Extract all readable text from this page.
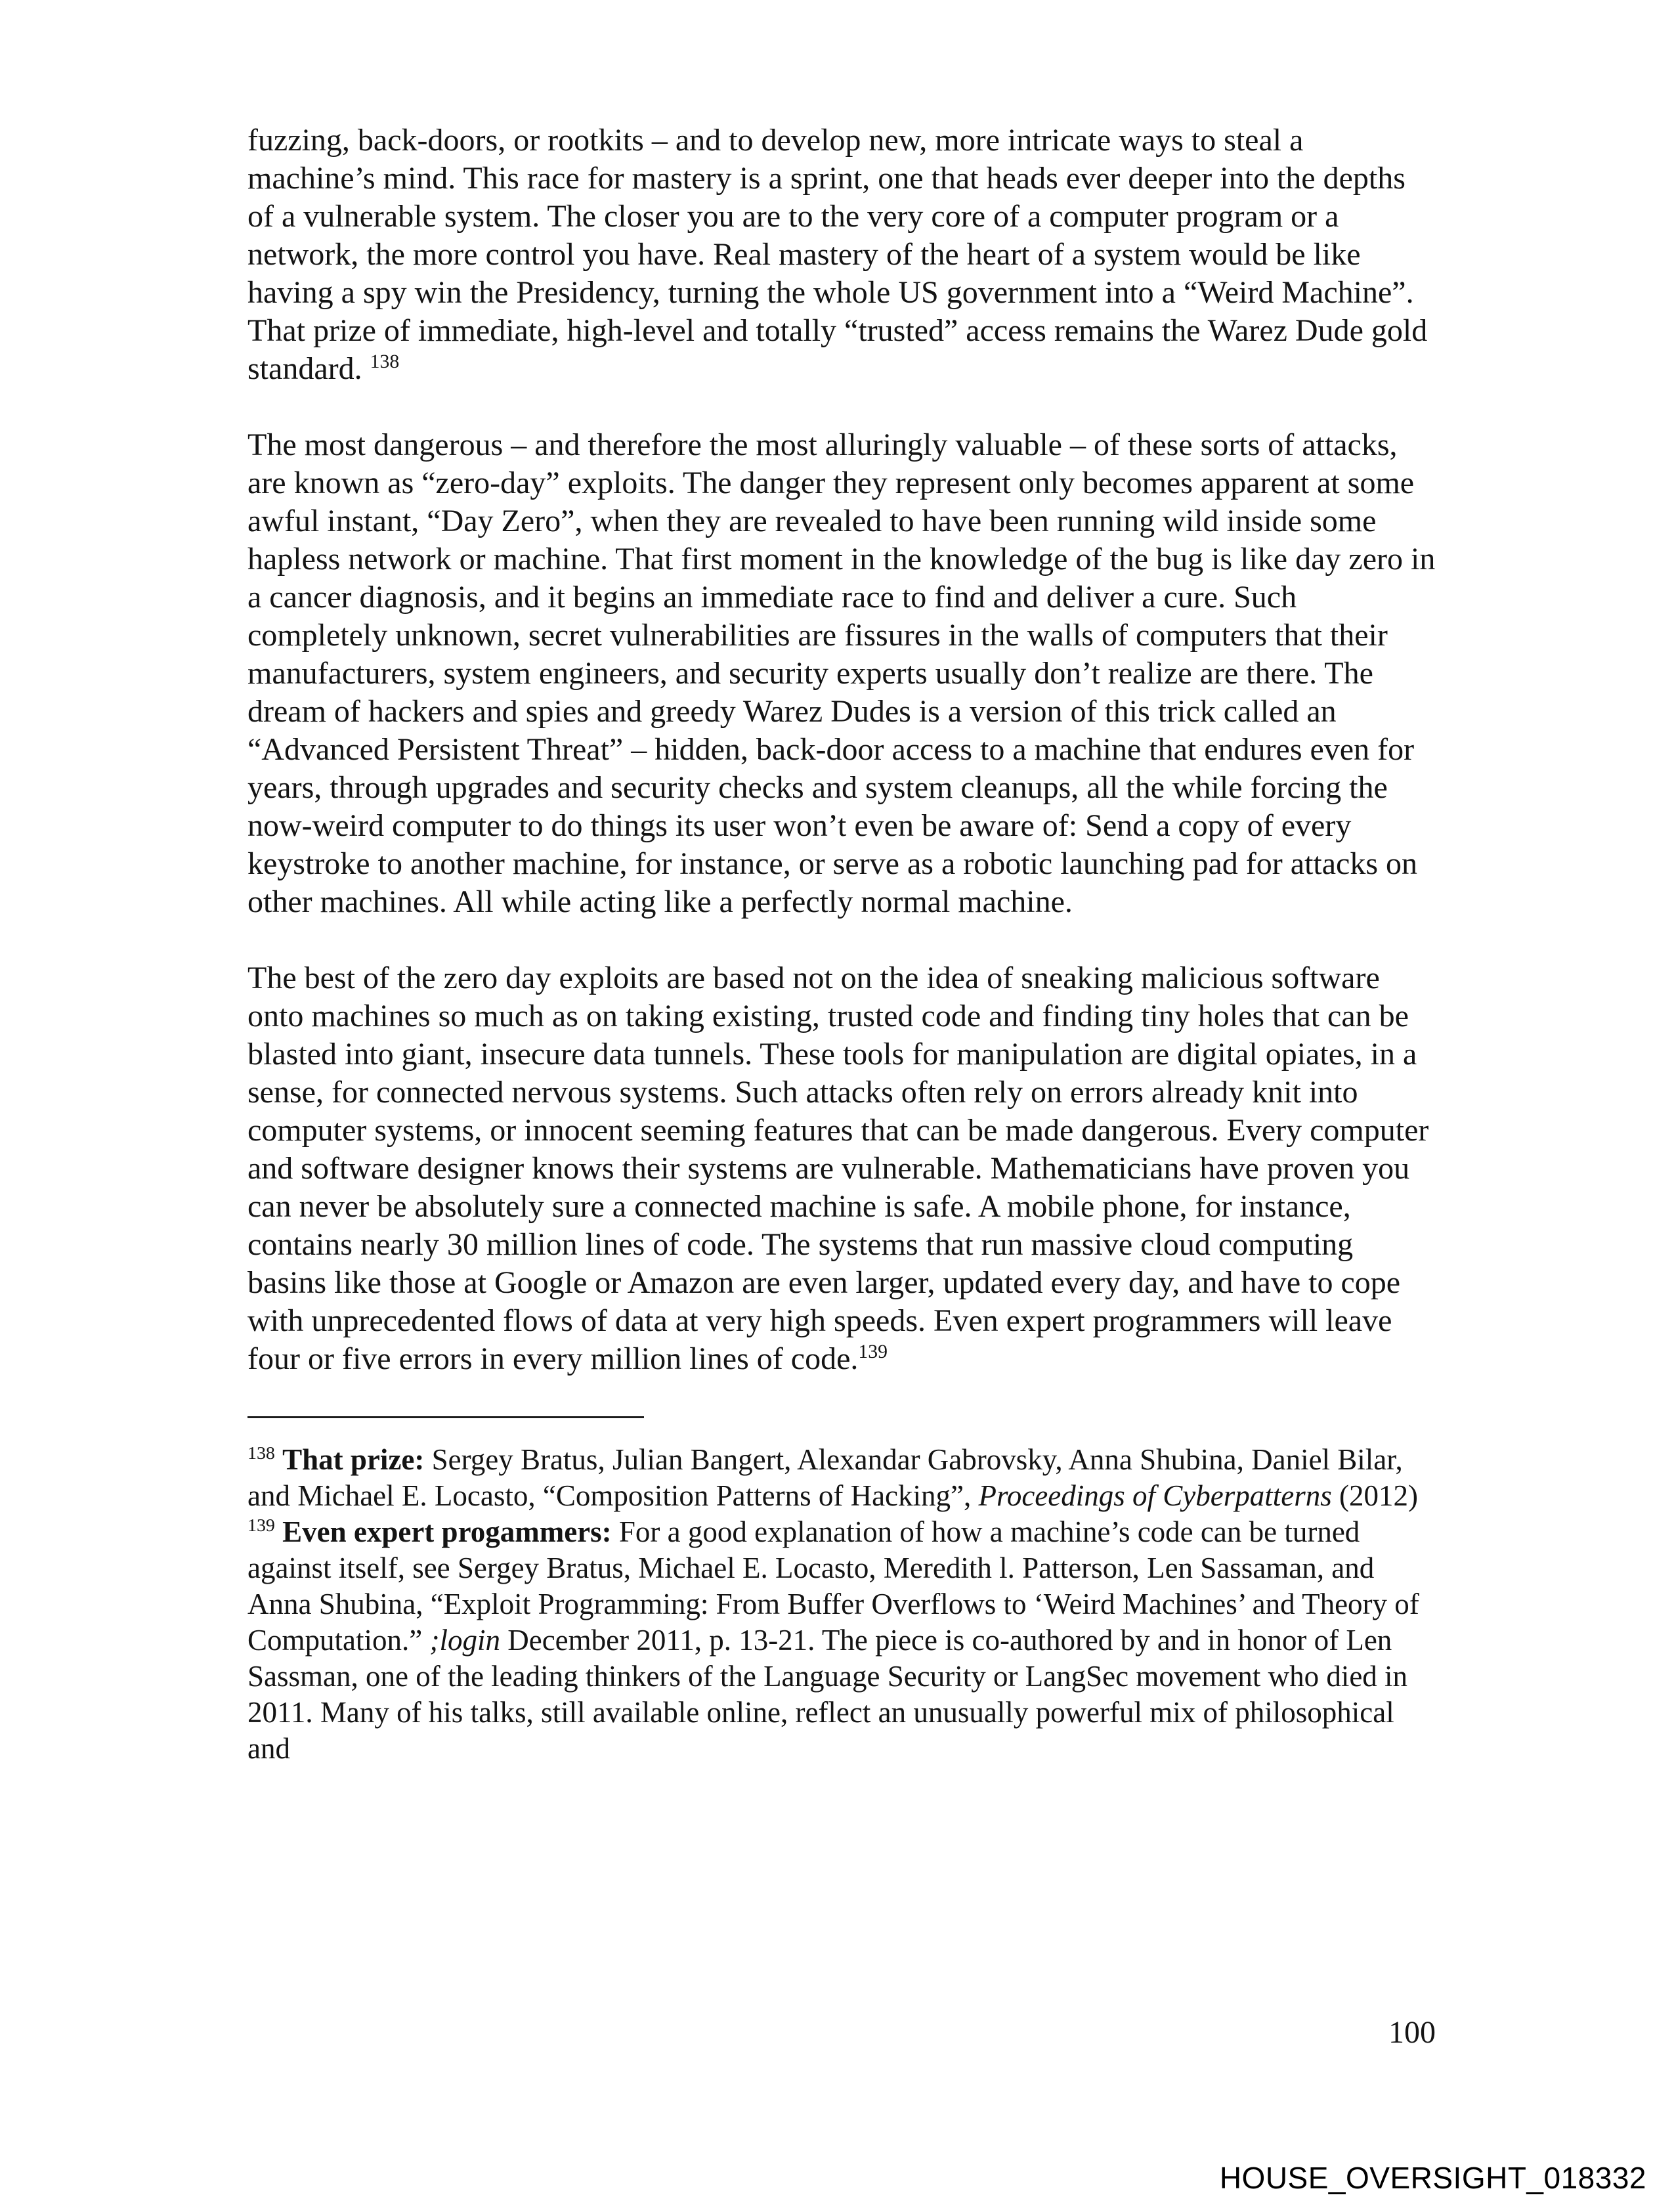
fuzzing, back-doors, or rootkits – and to develop new, more intricate ways to steal a machine’s mind. This race for mastery is a sprint, one that heads ever deeper into the depths of a vulnerable system. The closer you are to the very core of a computer program or a network, the more control you have. Real mastery of the heart of a system would be like having a spy win the Presidency, turning the whole US government into a “Weird Machine”. That prize of immediate, high-level and totally “trusted” access remains the Warez Dude gold standard. $^{138}$

The most dangerous – and therefore the most alluringly valuable – of these sorts of attacks, are known as “zero-day” exploits. The danger they represent only becomes apparent at some awful instant, “Day Zero”, when they are revealed to have been running wild inside some hapless network or machine. That first moment in the knowledge of the bug is like day zero in a cancer diagnosis, and it begins an immediate race to find and deliver a cure. Such completely unknown, secret vulnerabilities are fissures in the walls of computers that their manufacturers, system engineers, and security experts usually don’t realize are there. The dream of hackers and spies and greedy Warez Dudes is a version of this trick called an “Advanced Persistent Threat” – hidden, back-door access to a machine that endures even for years, through upgrades and security checks and system cleanups, all the while forcing the now-weird computer to do things its user won’t even be aware of: Send a copy of every keystroke to another machine, for instance, or serve as a robotic launching pad for attacks on other machines. All while acting like a perfectly normal machine.

The best of the zero day exploits are based not on the idea of sneaking malicious software onto machines so much as on taking existing, trusted code and finding tiny holes that can be blasted into giant, insecure data tunnels. These tools for manipulation are digital opiates, in a sense, for connected nervous systems. Such attacks often rely on errors already knit into computer systems, or innocent seeming features that can be made dangerous. Every computer and software designer knows their systems are vulnerable. Mathematicians have proven you can never be absolutely sure a connected machine is safe. A mobile phone, for instance, contains nearly 30 million lines of code. The systems that run massive cloud computing basins like those at Google or Amazon are even larger, updated every day, and have to cope with unprecedented flows of data at very high speeds. Even expert programmers will leave four or five errors in every million lines of code.$^{139}$

$^{138}$ That prize: Sergey Bratus, Julian Bangert, Alexandar Gabrovsky, Anna Shubina, Daniel Bilar, and Michael E. Locasto, “Composition Patterns of Hacking”, Proceedings of Cyberpatterns (2012)

$^{139}$ Even expert progammers: For a good explanation of how a machine’s code can be turned against itself, see Sergey Bratus, Michael E. Locasto, Meredith l. Patterson, Len Sassaman, and Anna Shubina, “Exploit Programming: From Buffer Overflows to ‘Weird Machines’ and Theory of Computation.” ;login December 2011, p. 13-21. The piece is co-authored by and in honor of Len Sassman, one of the leading thinkers of the Language Security or LangSec movement who died in 2011. Many of his talks, still available online, reflect an unusually powerful mix of philosophical and

100
HOUSE_OVERSIGHT_018332
